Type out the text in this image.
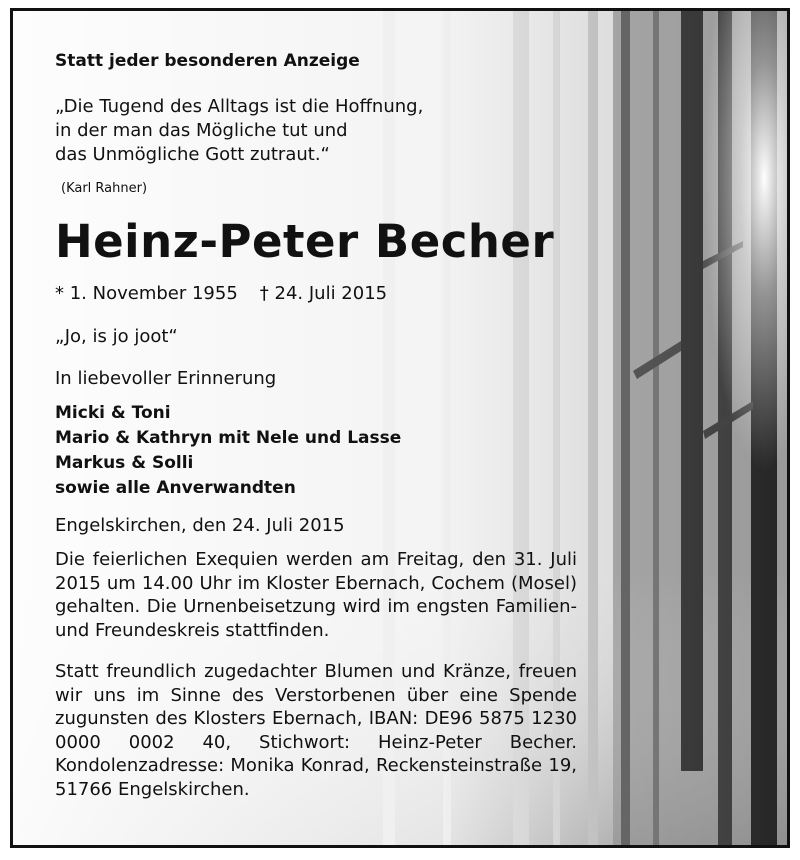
Statt jeder besonderen Anzeige
„Die Tugend des Alltags ist die Hoffnung,
in der man das Mögliche tut und
das Unmögliche Gott zutraut.“
(Karl Rahner)
Heinz-Peter Becher
* 1. November 1955 † 24. Juli 2015
„Jo, is jo joot“
In liebevoller Erinnerung
Micki & Toni
Mario & Kathryn mit Nele und Lasse
Markus & Solli
sowie alle Anverwandten
Engelskirchen, den 24. Juli 2015
Die feierlichen Exequien werden am Freitag, den 31. Juli 2015 um 14.00 Uhr im Kloster Ebernach, Cochem (Mosel) gehalten. Die Urnenbeisetzung wird im engsten Familien- und Freundeskreis stattfinden.
Statt freundlich zugedachter Blumen und Kränze, freuen wir uns im Sinne des Verstorbenen über eine Spende zugunsten des Klosters Ebernach, IBAN: DE96 5875 1230 0000 0002 40, Stichwort: Heinz-Peter Becher. Kondolenzadresse: Monika Konrad, Reckensteinstraße 19, 51766 Engelskirchen.
